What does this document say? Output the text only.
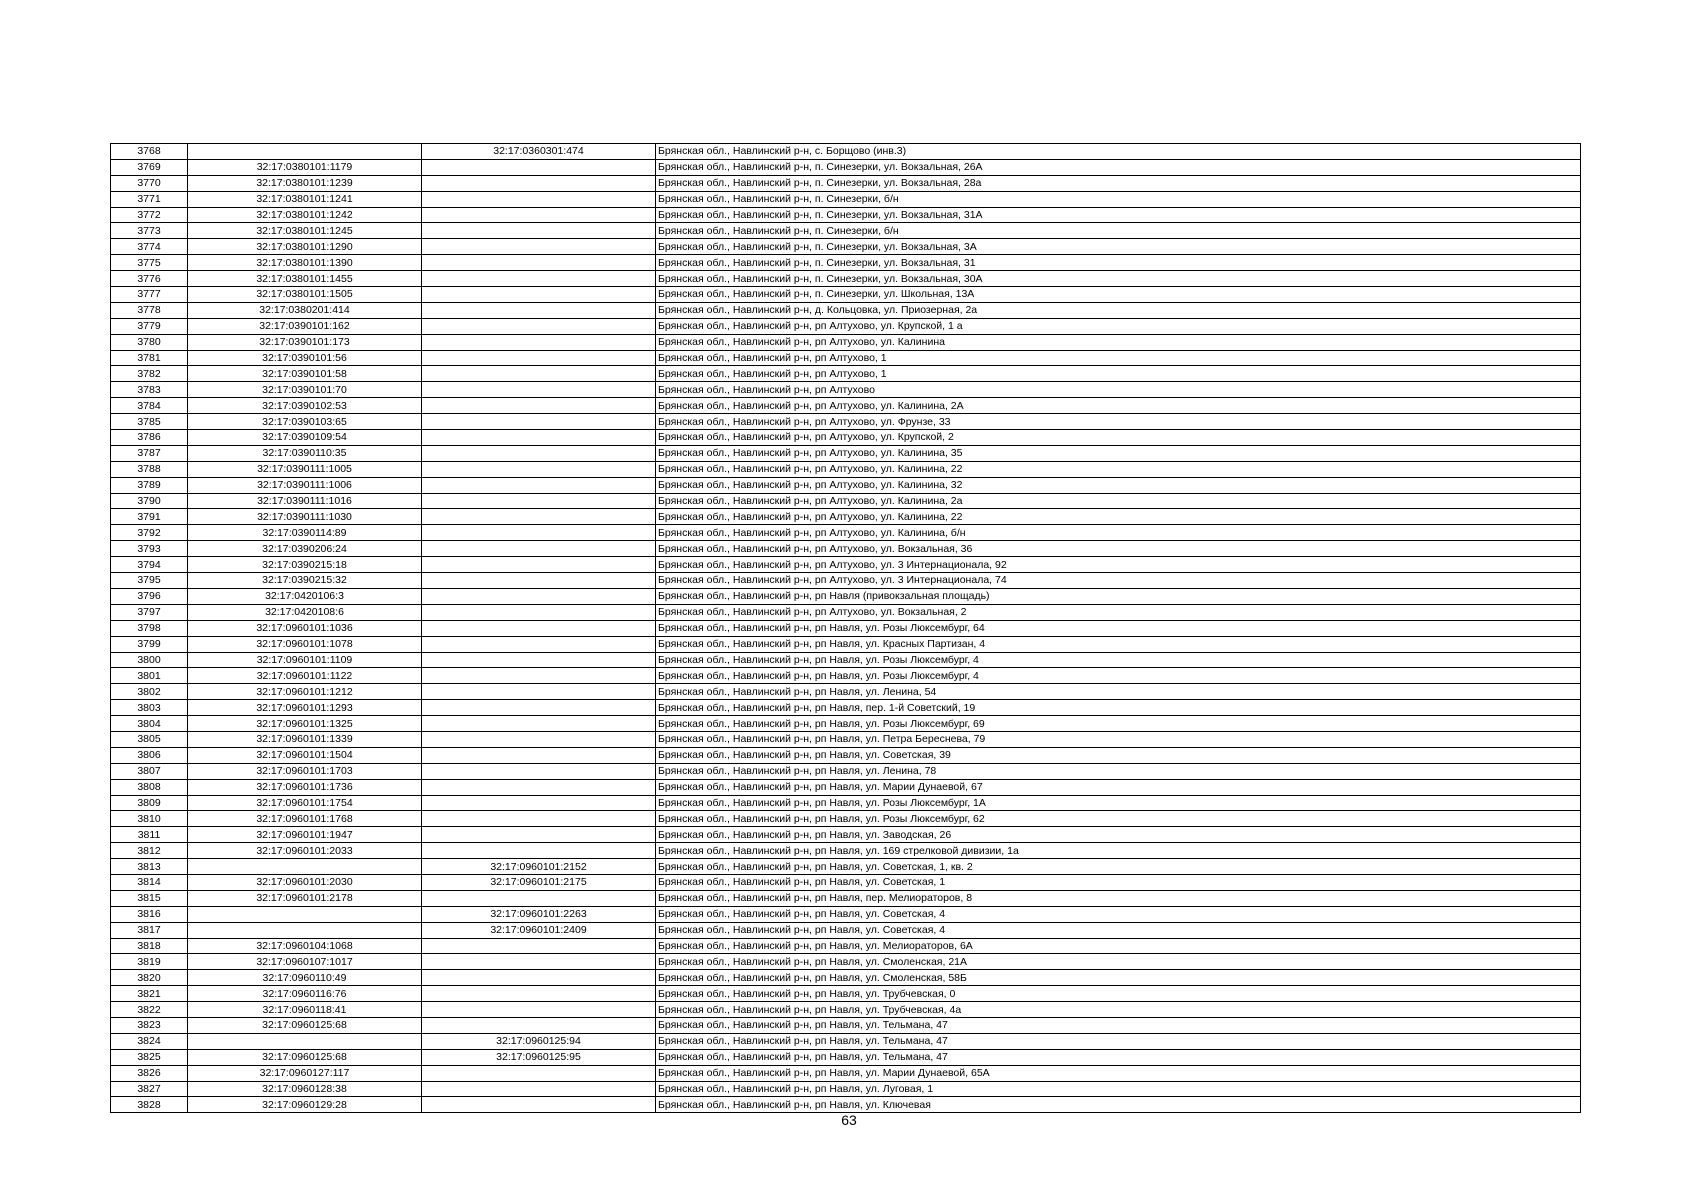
3768		32:17:0360301:474	Брянская обл., Навлинский р-н, с. Борщово (инв.3)
3769	32:17:0380101:1179		Брянская обл., Навлинский р-н, п. Синезерки, ул. Вокзальная, 26А
3770	32:17:0380101:1239		Брянская обл., Навлинский р-н, п. Синезерки, ул. Вокзальная, 28а
3771	32:17:0380101:1241		Брянская обл., Навлинский р-н, п. Синезерки, б/н
3772	32:17:0380101:1242		Брянская обл., Навлинский р-н, п. Синезерки, ул. Вокзальная, 31А
3773	32:17:0380101:1245		Брянская обл., Навлинский р-н, п. Синезерки, б/н
3774	32:17:0380101:1290		Брянская обл., Навлинский р-н, п. Синезерки, ул. Вокзальная, 3А
3775	32:17:0380101:1390		Брянская обл., Навлинский р-н, п. Синезерки, ул. Вокзальная, 31
3776	32:17:0380101:1455		Брянская обл., Навлинский р-н, п. Синезерки, ул. Вокзальная, 30А
3777	32:17:0380101:1505		Брянская обл., Навлинский р-н, п. Синезерки, ул. Школьная, 13А
3778	32:17:0380201:414		Брянская обл., Навлинский р-н, д. Кольцовка, ул. Приозерная, 2а
3779	32:17:0390101:162		Брянская обл., Навлинский р-н, рп Алтухово, ул. Крупской, 1 а
3780	32:17:0390101:173		Брянская обл., Навлинский р-н, рп Алтухово, ул. Калинина
3781	32:17:0390101:56		Брянская обл., Навлинский р-н, рп Алтухово, 1
3782	32:17:0390101:58		Брянская обл., Навлинский р-н, рп Алтухово, 1
3783	32:17:0390101:70		Брянская обл., Навлинский р-н, рп Алтухово
3784	32:17:0390102:53		Брянская обл., Навлинский р-н, рп Алтухово, ул. Калинина, 2А
3785	32:17:0390103:65		Брянская обл., Навлинский р-н, рп Алтухово, ул. Фрунзе, 33
3786	32:17:0390109:54		Брянская обл., Навлинский р-н, рп Алтухово, ул. Крупской, 2
3787	32:17:0390110:35		Брянская обл., Навлинский р-н, рп Алтухово, ул. Калинина, 35
3788	32:17:0390111:1005		Брянская обл., Навлинский р-н, рп Алтухово, ул. Калинина, 22
3789	32:17:0390111:1006		Брянская обл., Навлинский р-н, рп Алтухово, ул. Калинина, 32
3790	32:17:0390111:1016		Брянская обл., Навлинский р-н, рп Алтухово, ул. Калинина, 2а
3791	32:17:0390111:1030		Брянская обл., Навлинский р-н, рп Алтухово, ул. Калинина, 22
3792	32:17:0390114:89		Брянская обл., Навлинский р-н, рп Алтухово, ул. Калинина, б/н
3793	32:17:0390206:24		Брянская обл., Навлинский р-н, рп Алтухово, ул. Вокзальная, 36
3794	32:17:0390215:18		Брянская обл., Навлинский р-н, рп Алтухово, ул. 3 Интернационала, 92
3795	32:17:0390215:32		Брянская обл., Навлинский р-н, рп Алтухово, ул. 3 Интернационала, 74
3796	32:17:0420106:3		Брянская обл., Навлинский р-н, рп Навля (привокзальная площадь)
3797	32:17:0420108:6		Брянская обл., Навлинский р-н, рп Алтухово, ул. Вокзальная, 2
3798	32:17:0960101:1036		Брянская обл., Навлинский р-н, рп Навля, ул. Розы Люксембург, 64
3799	32:17:0960101:1078		Брянская обл., Навлинский р-н, рп Навля, ул. Красных Партизан, 4
3800	32:17:0960101:1109		Брянская обл., Навлинский р-н, рп Навля, ул. Розы Люксембург, 4
3801	32:17:0960101:1122		Брянская обл., Навлинский р-н, рп Навля, ул. Розы Люксембург, 4
3802	32:17:0960101:1212		Брянская обл., Навлинский р-н, рп Навля, ул. Ленина, 54
3803	32:17:0960101:1293		Брянская обл., Навлинский р-н, рп Навля, пер. 1-й Советский, 19
3804	32:17:0960101:1325		Брянская обл., Навлинский р-н, рп Навля, ул. Розы Люксембург, 69
3805	32:17:0960101:1339		Брянская обл., Навлинский р-н, рп Навля, ул. Петра Береснева, 79
3806	32:17:0960101:1504		Брянская обл., Навлинский р-н, рп Навля, ул. Советская, 39
3807	32:17:0960101:1703		Брянская обл., Навлинский р-н, рп Навля, ул. Ленина, 78
3808	32:17:0960101:1736		Брянская обл., Навлинский р-н, рп Навля, ул. Марии Дунаевой, 67
3809	32:17:0960101:1754		Брянская обл., Навлинский р-н, рп Навля, ул. Розы Люксембург, 1А
3810	32:17:0960101:1768		Брянская обл., Навлинский р-н, рп Навля, ул. Розы Люксембург, 62
3811	32:17:0960101:1947		Брянская обл., Навлинский р-н, рп Навля, ул. Заводская, 26
3812	32:17:0960101:2033		Брянская обл., Навлинский р-н, рп Навля, ул. 169 стрелковой дивизии, 1а
3813		32:17:0960101:2152	Брянская обл., Навлинский р-н, рп Навля, ул. Советская, 1, кв. 2
3814	32:17:0960101:2030	32:17:0960101:2175	Брянская обл., Навлинский р-н, рп Навля, ул. Советская, 1
3815	32:17:0960101:2178		Брянская обл., Навлинский р-н, рп Навля, пер. Мелиораторов, 8
3816		32:17:0960101:2263	Брянская обл., Навлинский р-н, рп Навля, ул. Советская, 4
3817		32:17:0960101:2409	Брянская обл., Навлинский р-н, рп Навля, ул. Советская, 4
3818	32:17:0960104:1068		Брянская обл., Навлинский р-н, рп Навля, ул. Мелиораторов, 6А
3819	32:17:0960107:1017		Брянская обл., Навлинский р-н, рп Навля, ул. Смоленская, 21А
3820	32:17:0960110:49		Брянская обл., Навлинский р-н, рп Навля, ул. Смоленская, 58Б
3821	32:17:0960116:76		Брянская обл., Навлинский р-н, рп Навля, ул. Трубчевская, 0
3822	32:17:0960118:41		Брянская обл., Навлинский р-н, рп Навля, ул. Трубчевская, 4а
3823	32:17:0960125:68		Брянская обл., Навлинский р-н, рп Навля, ул. Тельмана, 47
3824		32:17:0960125:94	Брянская обл., Навлинский р-н, рп Навля, ул. Тельмана, 47
3825	32:17:0960125:68	32:17:0960125:95	Брянская обл., Навлинский р-н, рп Навля, ул. Тельмана, 47
3826	32:17:0960127:117		Брянская обл., Навлинский р-н, рп Навля, ул. Марии Дунаевой, 65А
3827	32:17:0960128:38		Брянская обл., Навлинский р-н, рп Навля, ул. Луговая, 1
3828	32:17:0960129:28		Брянская обл., Навлинский р-н, рп Навля, ул. Ключевая
63
